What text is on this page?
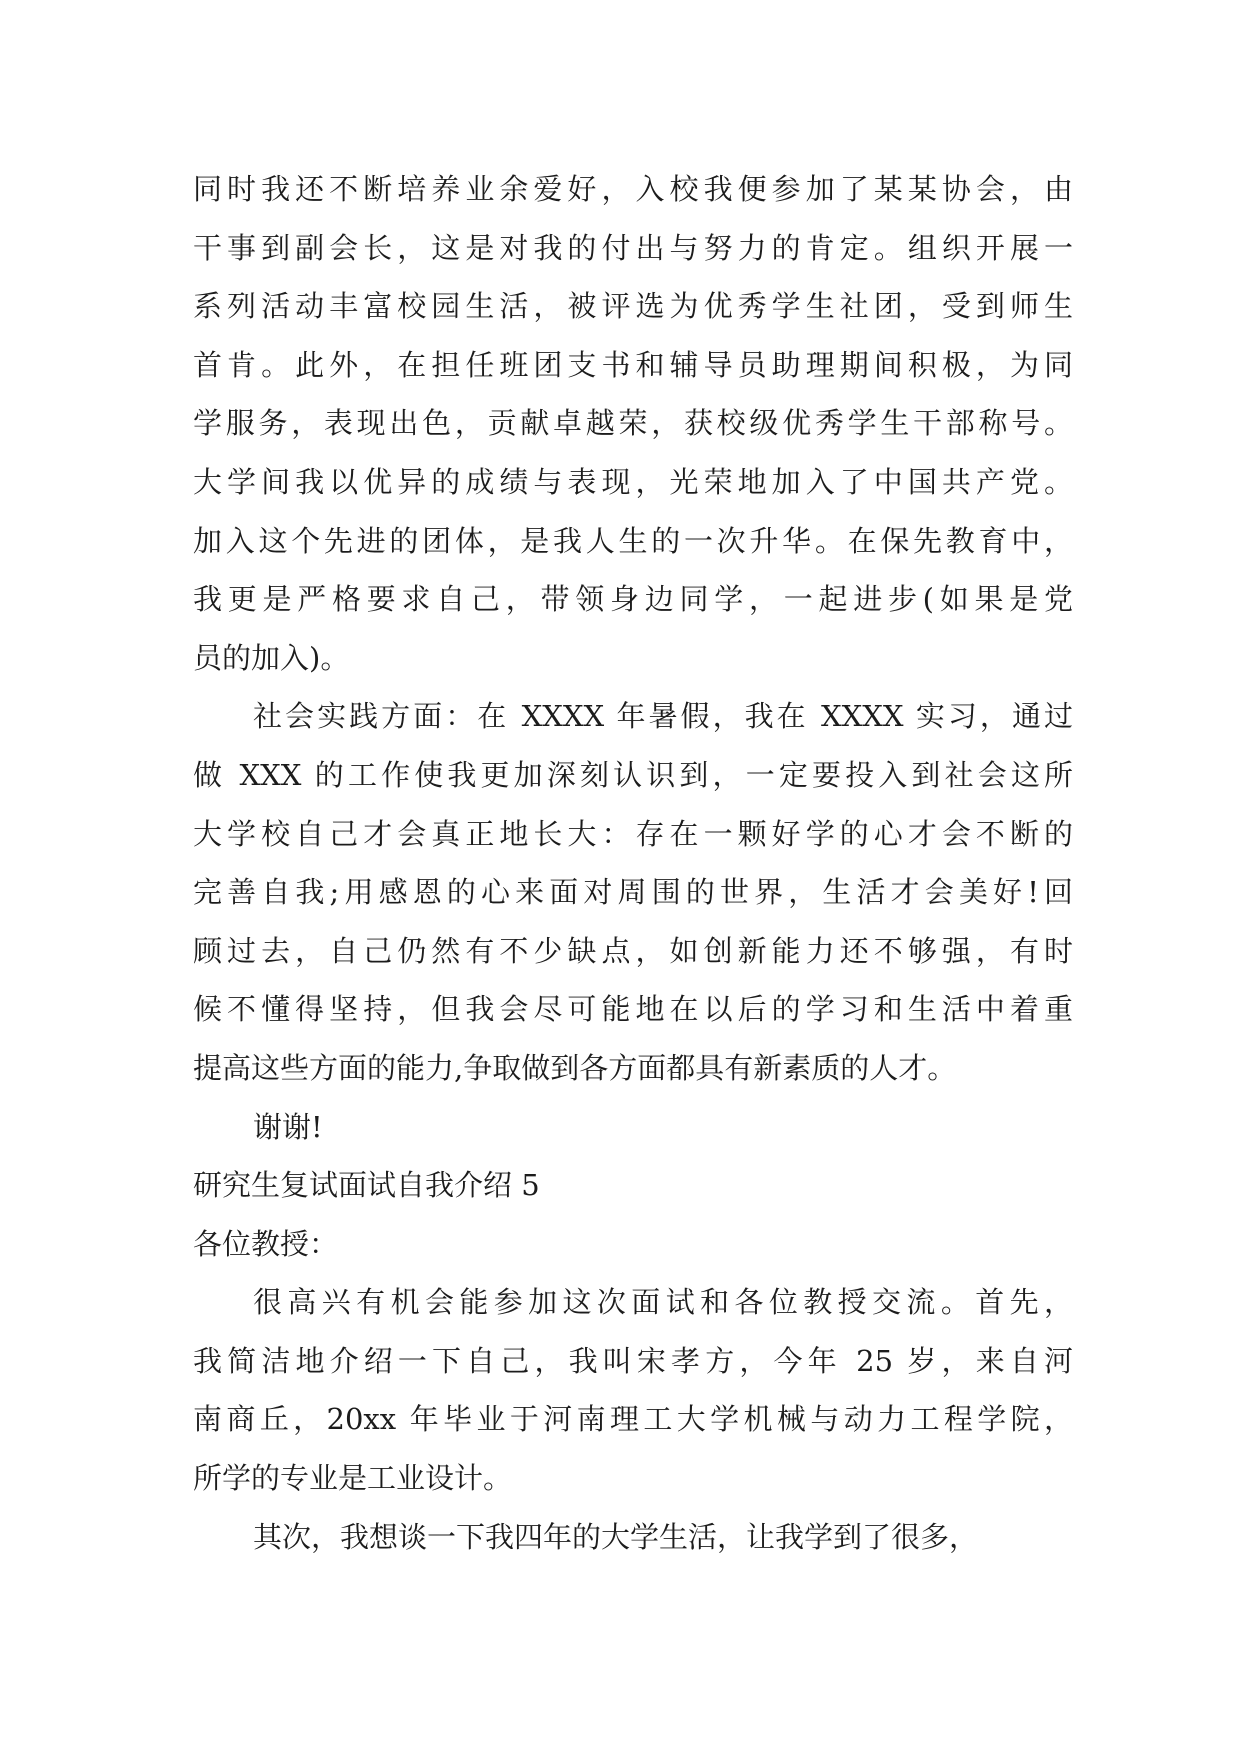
同时我还不断培养业余爱好，入校我便参加了某某协会，由
干事到副会长，这是对我的付出与努力的肯定。组织开展一
系列活动丰富校园生活，被评选为优秀学生社团，受到师生
首肯。此外，在担任班团支书和辅导员助理期间积极，为同
学服务，表现出色，贡献卓越荣，获校级优秀学生干部称号。
大学间我以优异的成绩与表现，光荣地加入了中国共产党。
加入这个先进的团体，是我人生的一次升华。在保先教育中，
我更是严格要求自己，带领身边同学，一起进步(如果是党
员的加入)。
社会实践方面：在 XXXX 年暑假，我在 XXXX 实习，通过
做 XXX 的工作使我更加深刻认识到，一定要投入到社会这所
大学校自己才会真正地长大：存在一颗好学的心才会不断的
完善自我;用感恩的心来面对周围的世界，生活才会美好!回
顾过去，自己仍然有不少缺点，如创新能力还不够强，有时
候不懂得坚持，但我会尽可能地在以后的学习和生活中着重
提高这些方面的能力,争取做到各方面都具有新素质的人才。
谢谢!
研究生复试面试自我介绍 5
各位教授：
很高兴有机会能参加这次面试和各位教授交流。首先，
我简洁地介绍一下自己，我叫宋孝方，今年 25 岁，来自河
南商丘，20xx 年毕业于河南理工大学机械与动力工程学院，
所学的专业是工业设计。
其次，我想谈一下我四年的大学生活，让我学到了很多，
